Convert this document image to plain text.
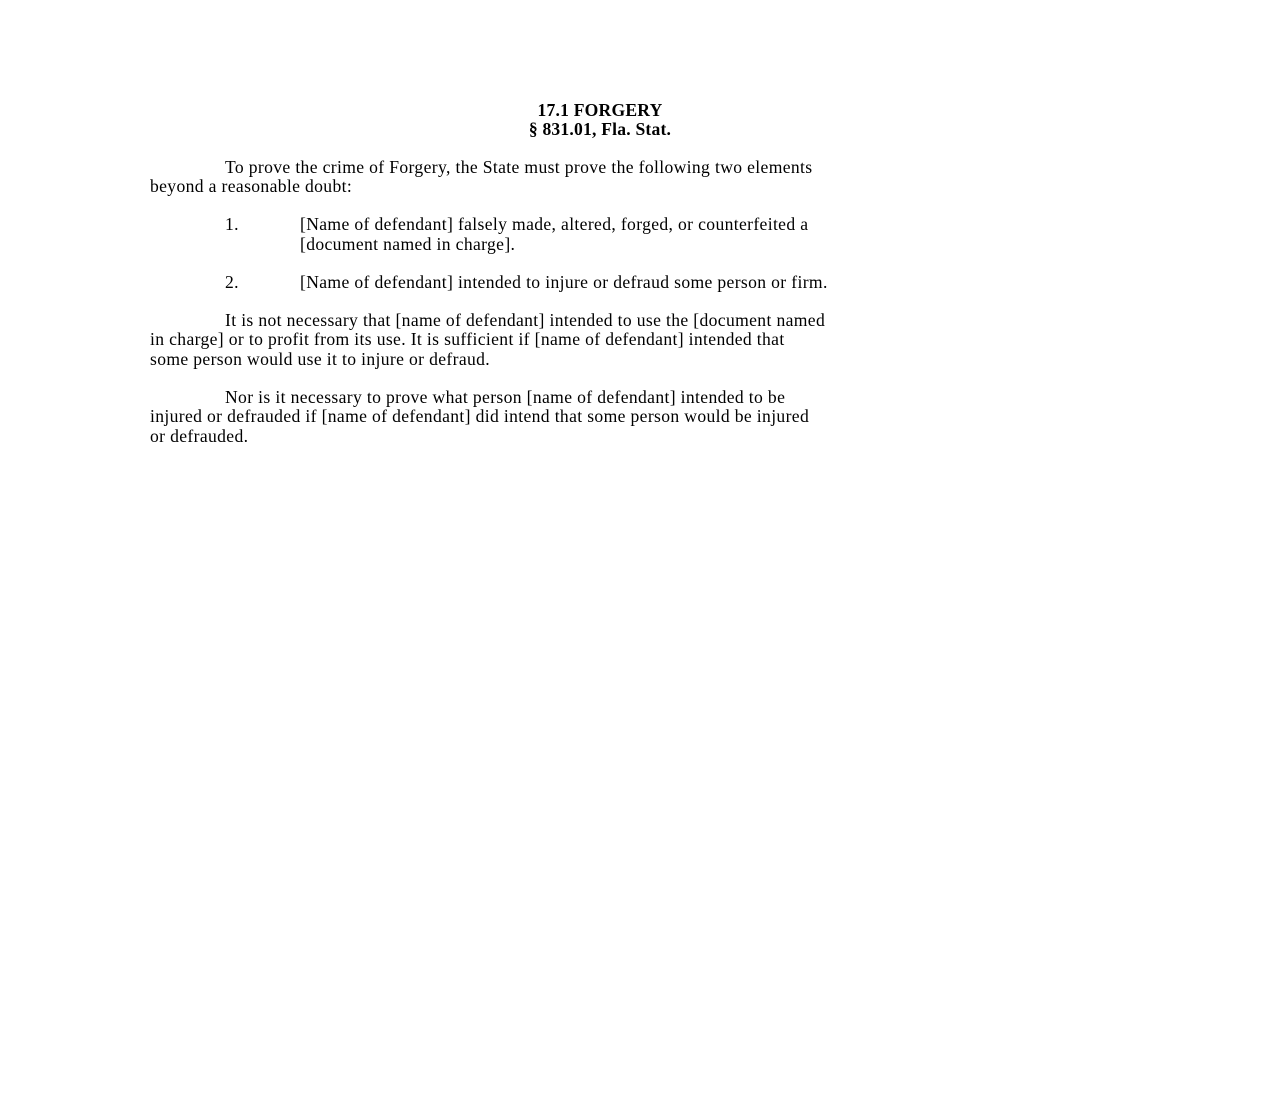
17.1 FORGERY
§ 831.01, Fla. Stat.
To prove the crime of Forgery, the State must prove the following two elements
beyond a reasonable doubt:
1.	[Name of defendant] falsely made, altered, forged, or counterfeited a
[document named in charge].
2.	[Name of defendant] intended to injure or defraud some person or firm.
It is not necessary that [name of defendant] intended to use the [document named
in charge] or to profit from its use. It is sufficient if [name of defendant] intended that
some person would use it to injure or defraud.
Nor is it necessary to prove what person [name of defendant] intended to be
injured or defrauded if [name of defendant] did intend that some person would be injured
or defrauded.
